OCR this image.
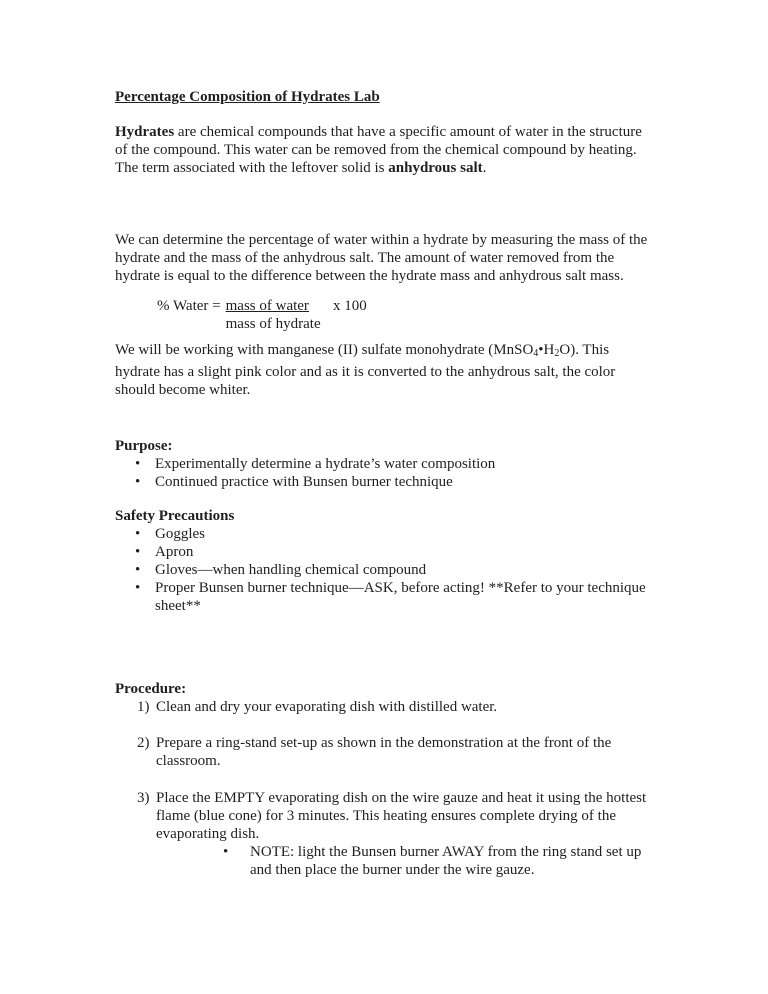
Percentage Composition of Hydrates Lab
Hydrates are chemical compounds that have a specific amount of water in the structure
of the compound. This water can be removed from the chemical compound by heating.
The term associated with the leftover solid is anhydrous salt.
We can determine the percentage of water within a hydrate by measuring the mass of the
hydrate and the mass of the anhydrous salt. The amount of water removed from the
hydrate is equal to the difference between the hydrate mass and anhydrous salt mass.
% Water = mass of water x 100
mass of hydrate
We will be working with manganese (II) sulfate monohydrate $(MnSO_4•H_2O)$. This
hydrate has a slight pink color and as it is converted to the anhydrous salt, the color
should become whiter.
Purpose:
• Experimentally determine a hydrate’s water composition
• Continued practice with Bunsen burner technique
Safety Precautions
• Goggles
• Apron
• Gloves—when handling chemical compound
• Proper Bunsen burner technique—ASK, before acting! **Refer to your technique sheet**
Procedure:
1) Clean and dry your evaporating dish with distilled water.
2) Prepare a ring-stand set-up as shown in the demonstration at the front of the classroom.
3) Place the EMPTY evaporating dish on the wire gauze and heat it using the hottest flame (blue cone) for 3 minutes. This heating ensures complete drying of the evaporating dish.
• NOTE: light the Bunsen burner AWAY from the ring stand set up and then place the burner under the wire gauze.
